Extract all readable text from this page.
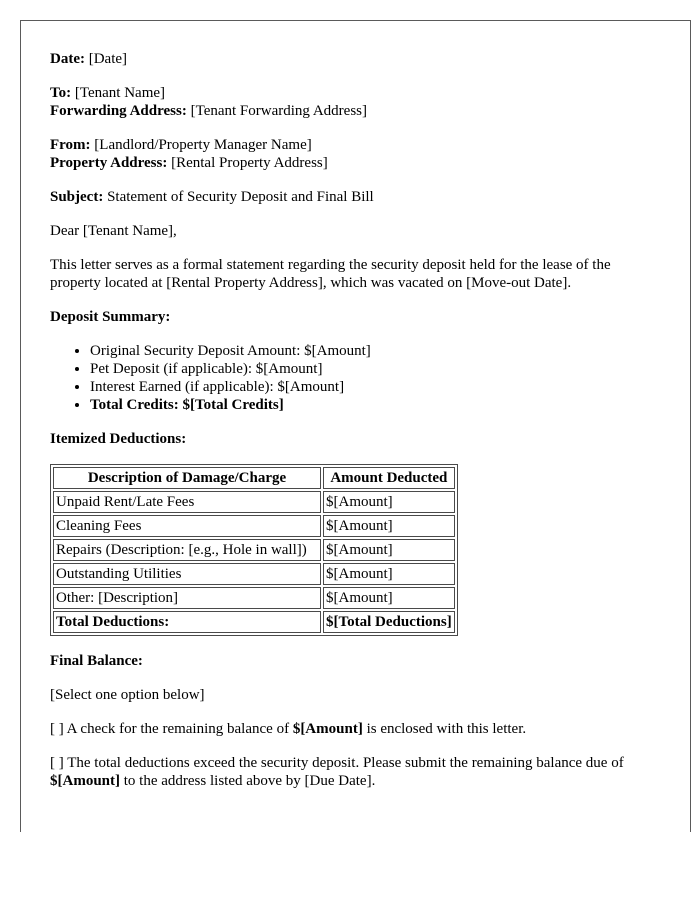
Date: [Date]

To: [Tenant Name]
Forwarding Address: [Tenant Forwarding Address]

From: [Landlord/Property Manager Name]
Property Address: [Rental Property Address]

Subject: Statement of Security Deposit and Final Bill

Dear [Tenant Name],

This letter serves as a formal statement regarding the security deposit held for the lease of the property located at [Rental Property Address], which was vacated on [Move-out Date].

Deposit Summary:

• Original Security Deposit Amount: $[Amount]
• Pet Deposit (if applicable): $[Amount]
• Interest Earned (if applicable): $[Amount]
• Total Credits: $[Total Credits]

Itemized Deductions:

Description of Damage/Charge	Amount Deducted
Unpaid Rent/Late Fees	$[Amount]
Cleaning Fees	$[Amount]
Repairs (Description: [e.g., Hole in wall])	$[Amount]
Outstanding Utilities	$[Amount]
Other: [Description]	$[Amount]
Total Deductions:	$[Total Deductions]

Final Balance:

[Select one option below]

[ ] A check for the remaining balance of $[Amount] is enclosed with this letter.

[ ] The total deductions exceed the security deposit. Please submit the remaining balance due of $[Amount] to the address listed above by [Due Date].
